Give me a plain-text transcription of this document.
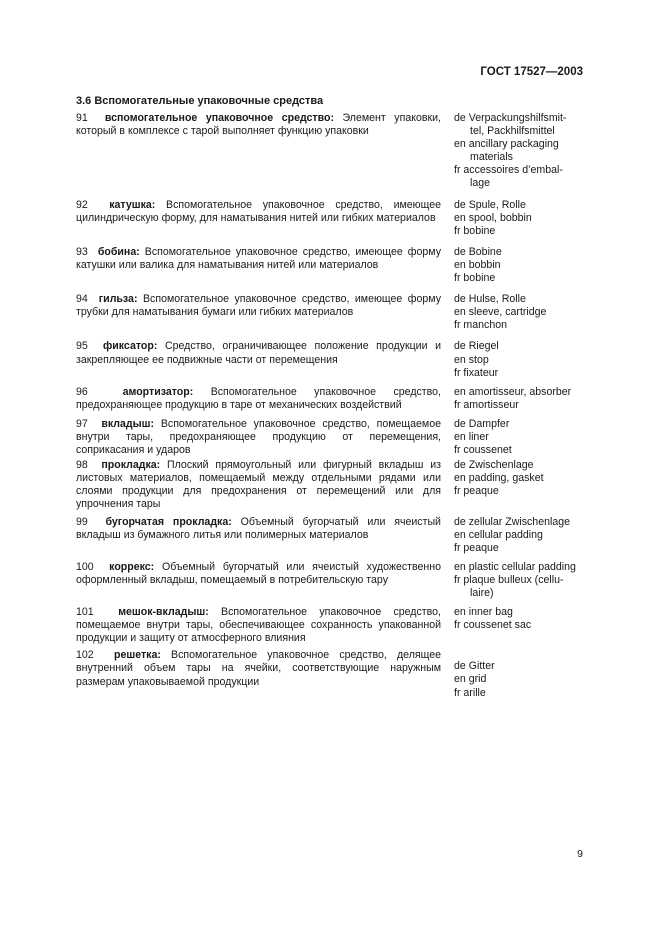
ГОСТ 17527—2003
3.6 Вспомогательные упаковочные средства
91 вспомогательное упаковочное средство: Элемент упаковки, который в комплексе с тарой выполняет функцию упаковки
de Verpackungshilfsmit-
tel, Packhilfsmittel
en ancillary packaging
materials
fr accessoires d’embal-
lage
92 катушка: Вспомогательное упаковочное средство, имеющее цилиндрическую форму, для наматывания нитей или гибких материалов
de Spule, Rolle
en spool, bobbin
fr bobine
93 бобина: Вспомогательное упаковочное средство, имеющее форму катушки или валика для наматывания нитей или материалов
de Bobine
en bobbin
fr bobine
94 гильза: Вспомогательное упаковочное средство, имеющее форму трубки для наматывания бумаги или гибких материалов
de Hulse, Rolle
en sleeve, cartridge
fr manchon
95 фиксатор: Средство, ограничивающее положение продукции и закрепляющее ее подвижные части от перемещения
de Riegel
en stop
fr fixateur
96	амортизатор: Вспомогательное упаковочное средство, предохраняющее продукцию в таре от механических воздействий
en amortisseur, absorber
fr amortisseur
97 вкладыш: Вспомогательное упаковочное средство, помещаемое внутри тары, предохраняющее продукцию от перемещения, соприкасания и ударов
de Dampfer
en liner
fr coussenet
98 прокладка: Плоский прямоугольный или фигурный вкладыш из листовых материалов, помещаемый между отдельными рядами или слоями продукции для предохранения от перемещений или для упрочнения тары
de Zwischenlage
en padding, gasket
fr peaque
99 бугорчатая прокладка: Объемный бугорчатый или ячеистый вкладыш из бумажного литья или полимерных материалов
de zellular Zwischenlage
en cellular padding
fr peaque
100 коррекс: Объемный бугорчатый или ячеистый художественно оформленный вкладыш, помещаемый в потребительскую тару
en plastic cellular padding
fr plaque bulleux (cellu-
laire)
101 мешок-вкладыш: Вспомогательное упаковочное средство, помещаемое внутри тары, обеспечивающее сохранность упакованной продукции и защиту от атмосферного влияния
en inner bag
fr coussenet sac
102 решетка: Вспомогательное упаковочное средство, делящее внутренний объем тары на ячейки, соответствующие наружным размерам упаковываемой продукции
de Gitter
en grid
fr arille
9
